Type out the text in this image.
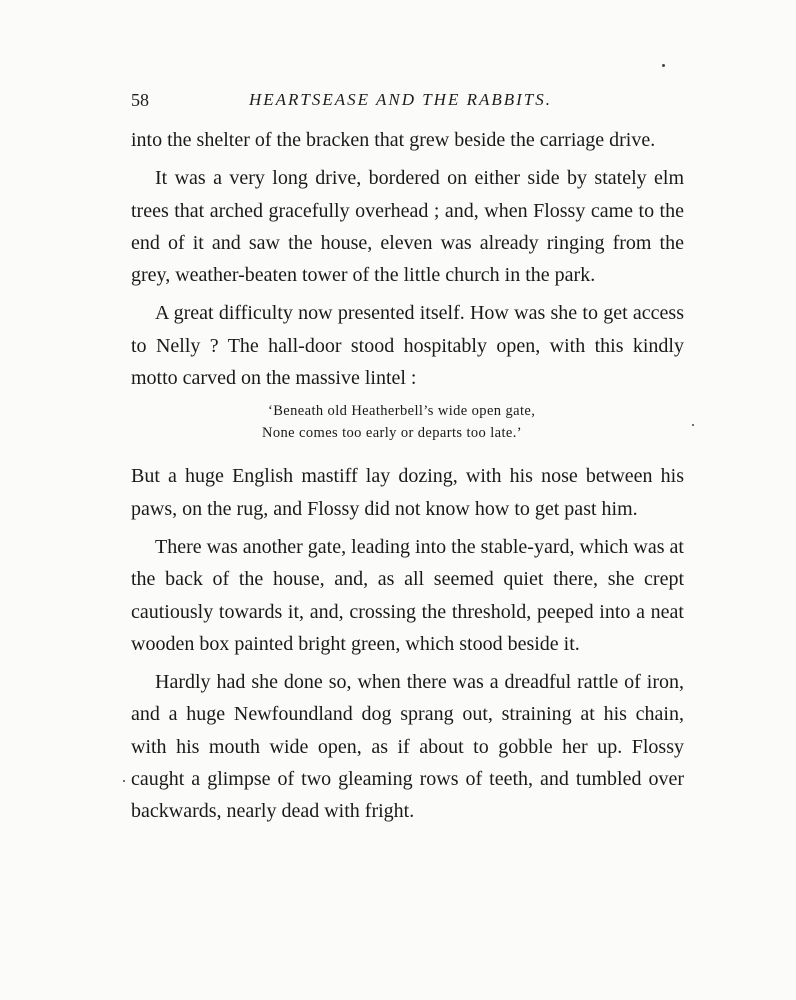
58	HEARTSEASE AND THE RABBITS.

into the shelter of the bracken that grew beside the carriage drive.

It was a very long drive, bordered on either side by stately elm trees that arched gracefully overhead ; and, when Flossy came to the end of it and saw the house, eleven was already ringing from the grey, weather-beaten tower of the little church in the park.

A great difficulty now presented itself. How was she to get access to Nelly ? The hall-door stood hospitably open, with this kindly motto carved on the massive lintel :

‘Beneath old Heatherbell’s wide open gate,
None comes too early or departs too late.’

But a huge English mastiff lay dozing, with his nose between his paws, on the rug, and Flossy did not know how to get past him.

There was another gate, leading into the stable-yard, which was at the back of the house, and, as all seemed quiet there, she crept cautiously towards it, and, crossing the threshold, peeped into a neat wooden box painted bright green, which stood beside it.

Hardly had she done so, when there was a dreadful rattle of iron, and a huge Newfoundland dog sprang out, straining at his chain, with his mouth wide open, as if about to gobble her up. Flossy caught a glimpse of two gleaming rows of teeth, and tumbled over backwards, nearly dead with fright.
